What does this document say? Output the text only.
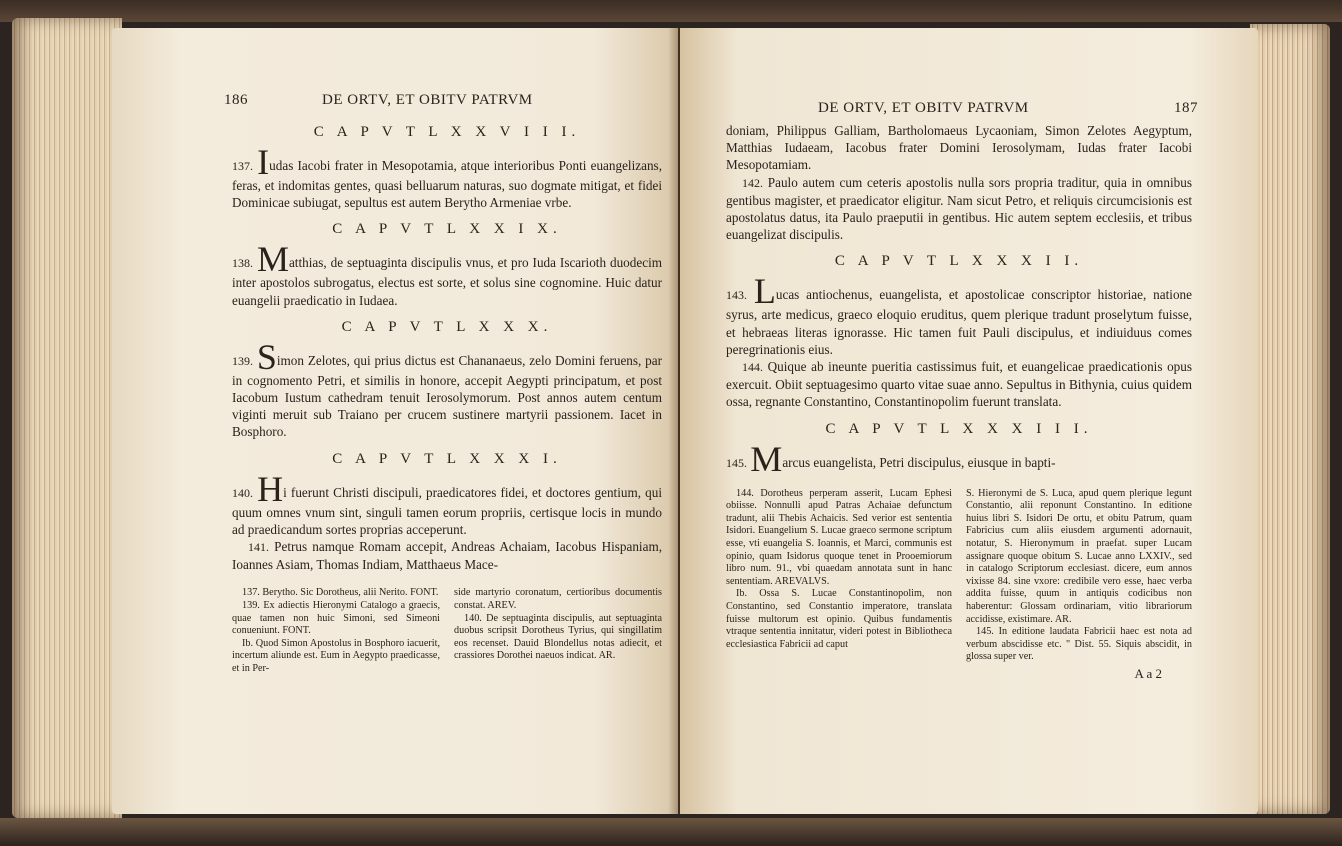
186	DE ORTV, ET OBITV PATRVM
C A P V T L X X V I I I.

137. Iudas Iacobi frater in Mesopotamia, atque interioribus Ponti euangelizans, feras, et indomitas gentes, quasi belluarum naturas, suo dogmate mitigat, et fidei Dominicae subiugat, sepultus est autem Berytho Armeniae vrbe.

C A P V T L X X I X.

138. Matthias, de septuaginta discipulis vnus, et pro Iuda Iscarioth duodecim inter apostolos subrogatus, electus est sorte, et solus sine cognomine. Huic datur euangelii praedicatio in Iudaea.

C A P V T L X X X.

139. Simon Zelotes, qui prius dictus est Chananaeus, zelo Domini feruens, par in cognomento Petri, et similis in honore, accepit Aegypti principatum, et post Iacobum Iustum cathedram tenuit Ierosolymorum. Post annos autem centum viginti meruit sub Traiano per crucem sustinere martyrii passionem. Iacet in Bosphoro.

C A P V T L X X X I.

140. Hi fuerunt Christi discipuli, praedicatores fidei, et doctores gentium, qui quum omnes vnum sint, singuli tamen eorum propriis, certisque locis in mundo ad praedicandum sortes proprias acceperunt.

141. Petrus namque Romam accepit, Andreas Achaiam, Iacobus Hispaniam, Ioannes Asiam, Thomas Indiam, Matthaeus Mace-

137. Berytho. Sic Dorotheus, alii Nerito. FONT.

139. Ex adiectis Hieronymi Catalogo a graecis, quae tamen non huic Simoni, sed Simeoni conueniunt. FONT.

Ib. Quod Simon Apostolus in Bosphoro iacuerit, incertum aliunde est. Eum in Aegypto praedicasse, et in Per-

side martyrio coronatum, certioribus documentis constat. AREV.

140. De septuaginta discipulis, aut septuaginta duobus scripsit Dorotheus Tyrius, qui singillatim eos recenset. Dauid Blondellus notas adiecit, et crassiores Dorothei naeuos indicat. AR.

DE ORTV, ET OBITV PATRVM	187

doniam, Philippus Galliam, Bartholomaeus Lycaoniam, Simon Zelotes Aegyptum, Matthias Iudaeam, Iacobus frater Domini Ierosolymam, Iudas frater Iacobi Mesopotamiam.

142. Paulo autem cum ceteris apostolis nulla sors propria traditur, quia in omnibus gentibus magister, et praedicator eligitur. Nam sicut Petro, et reliquis circumcisionis est apostolatus datus, ita Paulo praeputii in gentibus. Hic autem septem ecclesiis, et tribus euangelizat discipulis.

C A P V T L X X X I I.

143. Lucas antiochenus, euangelista, et apostolicae conscriptor historiae, natione syrus, arte medicus, graeco eloquio eruditus, quem plerique tradunt proselytum fuisse, et hebraeas literas ignorasse. Hic tamen fuit Pauli discipulus, et indiuiduus comes peregrinationis eius.

144. Quique ab ineunte pueritia castissimus fuit, et euangelicae praedicationis opus exercuit. Obiit septuagesimo quarto vitae suae anno. Sepultus in Bithynia, cuius quidem ossa, regnante Constantino, Constantinopolim fuerunt translata.

C A P V T L X X X I I I.

145. Marcus euangelista, Petri discipulus, eiusque in bapti-

144. Dorotheus perperam asserit, Lucam Ephesi obiisse. Nonnulli apud Patras Achaiae defunctum tradunt, alii Thebis Achaicis. Sed verior est sententia Isidori. Euangelium S. Lucae graeco sermone scriptum esse, vti euangelia S. Ioannis, et Marci, communis est opinio, quam Isidorus quoque tenet in Prooemiorum libro num. 91., vbi quaedam annotata sunt in hanc sententiam. AREVALVS.

Ib. Ossa S. Lucae Constantinopolim, non Constantino, sed Constantio imperatore, translata fuisse multorum est opinio. Quibus fundamentis vtraque sententia innitatur, videri potest in Bibliotheca ecclesiastica Fabricii ad caput

S. Hieronymi de S. Luca, apud quem plerique legunt Constantio, alii reponunt Constantino. In editione huius libri S. Isidori De ortu, et obitu Patrum, quam Fabricius cum aliis eiusdem argumenti adornauit, notatur, S. Hieronymum in praefat. super Lucam assignare quoque obitum S. Lucae anno LXXIV., sed in catalogo Scriptorum ecclesiast. dicere, eum annos vixisse 84. sine vxore: credibile vero esse, haec verba addita fuisse, quum in antiquis codicibus non haberentur: Glossam ordinariam, vitio librariorum accidisse, existimare. AR.

145. In editione laudata Fabricii haec est nota ad verbum abscidisse etc. " Dist. 55. Siquis abscidit, in glossa super ver.

A a 2
